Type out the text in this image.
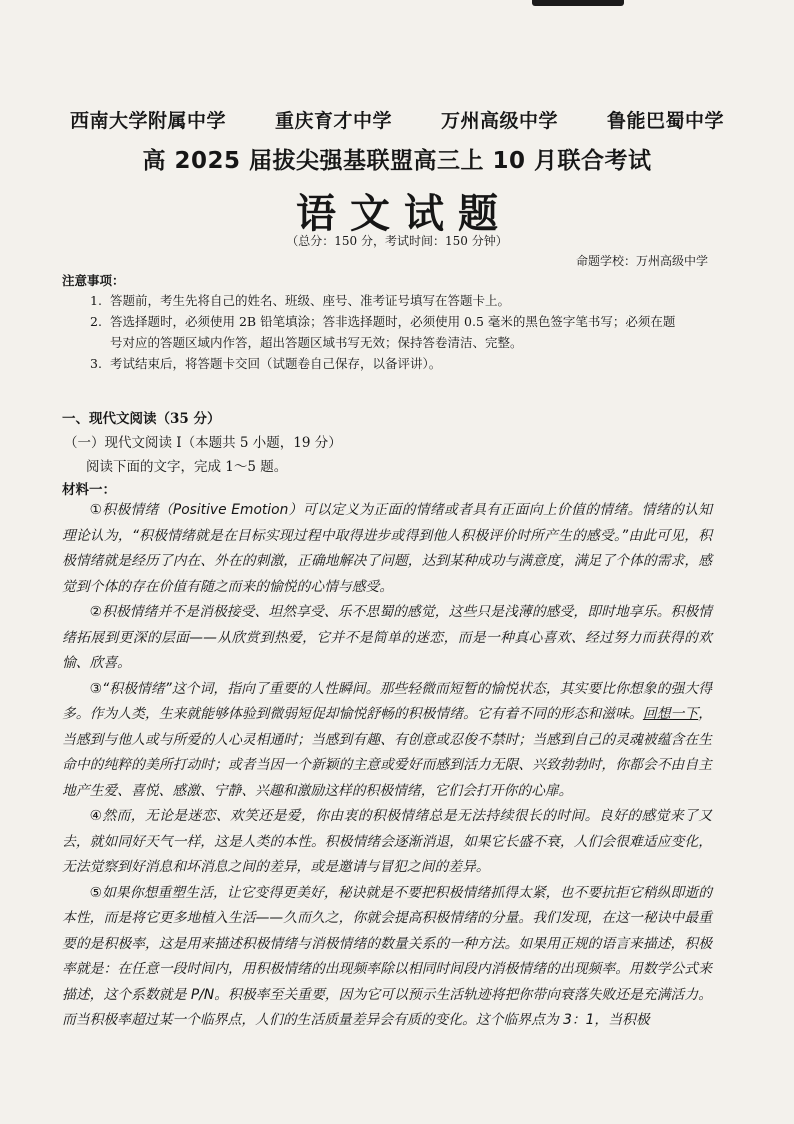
西南大学附属中学	重庆育才中学	万州高级中学	鲁能巴蜀中学
高 2025 届拔尖强基联盟高三上 10 月联合考试
语文试题
（总分：150 分，考试时间：150 分钟）
命题学校：万州高级中学
注意事项：
1. 答题前，考生先将自己的姓名、班级、座号、准考证号填写在答题卡上。
2. 答选择题时，必须使用 2B 铅笔填涂；答非选择题时，必须使用 0.5 毫米的黑色签字笔书写；必须在题
号对应的答题区域内作答，超出答题区域书写无效；保持答卷清洁、完整。
3. 考试结束后，将答题卡交回（试题卷自己保存，以备评讲）。
一、现代文阅读（35 分）
（一）现代文阅读 I（本题共 5 小题，19 分）
阅读下面的文字，完成 1～5 题。
材料一：

①积极情绪（Positive Emotion）可以定义为正面的情绪或者具有正面向上价值的情绪。情绪的认知理论认为，“积极情绪就是在目标实现过程中取得进步或得到他人积极评价时所产生的感受。”由此可见，积极情绪就是经历了内在、外在的刺激，正确地解决了问题，达到某种成功与满意度，满足了个体的需求，感觉到个体的存在价值有随之而来的愉悦的心情与感受。

②积极情绪并不是消极接受、坦然享受、乐不思蜀的感觉，这些只是浅薄的感受，即时地享乐。积极情绪拓展到更深的层面——从欣赏到热爱，它并不是简单的迷恋，而是一种真心喜欢、经过努力而获得的欢愉、欣喜。

③“积极情绪”这个词，指向了重要的人性瞬间。那些轻微而短暂的愉悦状态，其实要比你想象的强大得多。作为人类，生来就能够体验到微弱短促却愉悦舒畅的积极情绪。它有着不同的形态和滋味。回想一下，当感到与他人或与所爱的人心灵相通时；当感到有趣、有创意或忍俊不禁时；当感到自己的灵魂被蕴含在生命中的纯粹的美所打动时；或者当因一个新颖的主意或爱好而感到活力无限、兴致勃勃时，你都会不由自主地产生爱、喜悦、感激、宁静、兴趣和激励这样的积极情绪，它们会打开你的心扉。

④然而，无论是迷恋、欢笑还是爱，你由衷的积极情绪总是无法持续很长的时间。良好的感觉来了又去，就如同好天气一样，这是人类的本性。积极情绪会逐渐消退，如果它长盛不衰，人们会很难适应变化，无法觉察到好消息和坏消息之间的差异，或是邀请与冒犯之间的差异。

⑤如果你想重塑生活，让它变得更美好，秘诀就是不要把积极情绪抓得太紧，也不要抗拒它稍纵即逝的本性，而是将它更多地植入生活——久而久之，你就会提高积极情绪的分量。我们发现，在这一秘诀中最重要的是积极率，这是用来描述积极情绪与消极情绪的数量关系的一种方法。如果用正规的语言来描述，积极率就是：在任意一段时间内，用积极情绪的出现频率除以相同时间段内消极情绪的出现频率。用数学公式来描述，这个系数就是 P/N。积极率至关重要，因为它可以预示生活轨迹将把你带向衰落失败还是充满活力。而当积极率超过某一个临界点，人们的生活质量差异会有质的变化。这个临界点为 3：1，当积极
